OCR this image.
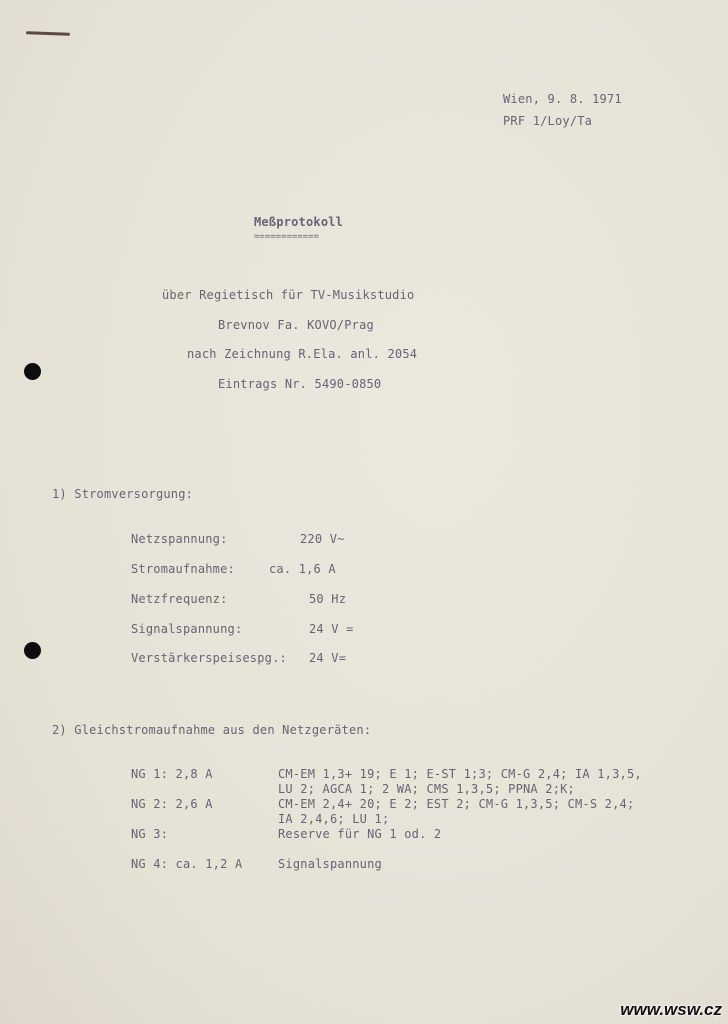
Wien, 9. 8. 1971
PRF 1/Loy/Ta
Meßprotokoll
============
über Regietisch für TV-Musikstudio
Brevnov Fa. KOVO/Prag
nach Zeichnung R.Ela. anl. 2054
Eintrags Nr. 5490-0850
1) Stromversorgung:
Netzspannung:	220 V~
Stromaufnahme:	ca. 1,6 A
Netzfrequenz:	50 Hz
Signalspannung:	24 V =
Verstärkerspeisespg.: 24 V=
2) Gleichstromaufnahme aus den Netzgeräten:
NG 1: 2,8 A	CM-EM 1,3+ 19; E 1; E-ST 1;3; CM-G 2,4; IA 1,3,5,
LU 2; AGCA 1; 2 WA; CMS 1,3,5; PPNA 2;K;
NG 2: 2,6 A	CM-EM 2,4+ 20; E 2; EST 2; CM-G 1,3,5; CM-S 2,4;
IA 2,4,6; LU 1;
NG 3:	Reserve für NG 1 od. 2
NG 4: ca. 1,2 A	Signalspannung
www.wsw.cz
